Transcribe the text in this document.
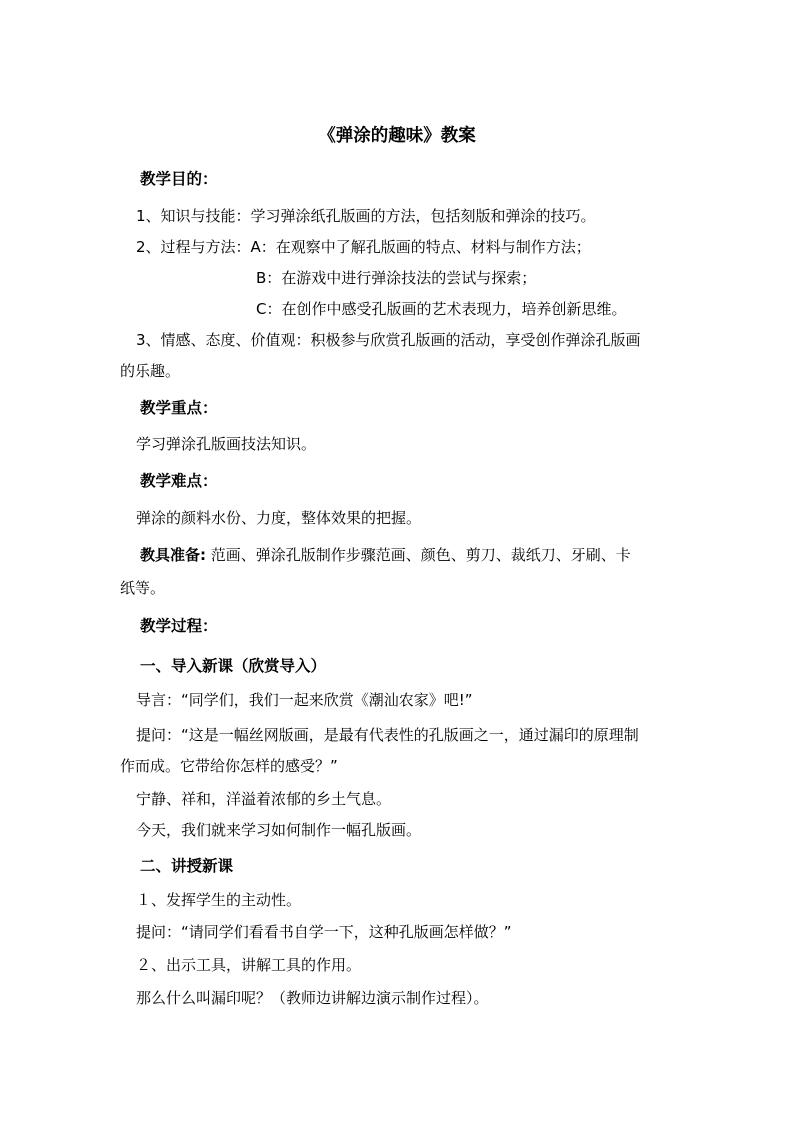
《弹涂的趣味》教案
教学目的：
1、知识与技能：学习弹涂纸孔版画的方法，包括刻版和弹涂的技巧。
2、过程与方法：A：在观察中了解孔版画的特点、材料与制作方法；
B：在游戏中进行弹涂技法的尝试与探索；
C：在创作中感受孔版画的艺术表现力，培养创新思维。
3、情感、态度、价值观：积极参与欣赏孔版画的活动，享受创作弹涂孔版画
的乐趣。
教学重点：
学习弹涂孔版画技法知识。
教学难点：
弹涂的颜料水份、力度，整体效果的把握。
教具准备: 范画、弹涂孔版制作步骤范画、颜色、剪刀、裁纸刀、牙刷、卡
纸等。
教学过程：
一、导入新课（欣赏导入）
导言：“同学们，我们一起来欣赏《潮汕农家》吧!”
提问：“这是一幅丝网版画，是最有代表性的孔版画之一，通过漏印的原理制
作而成。它带给你怎样的感受？”
宁静、祥和，洋溢着浓郁的乡土气息。
今天，我们就来学习如何制作一幅孔版画。
二、讲授新课
１、发挥学生的主动性。
提问：“请同学们看看书自学一下，这种孔版画怎样做？”
２、出示工具，讲解工具的作用。
那么什么叫漏印呢？（教师边讲解边演示制作过程）。
